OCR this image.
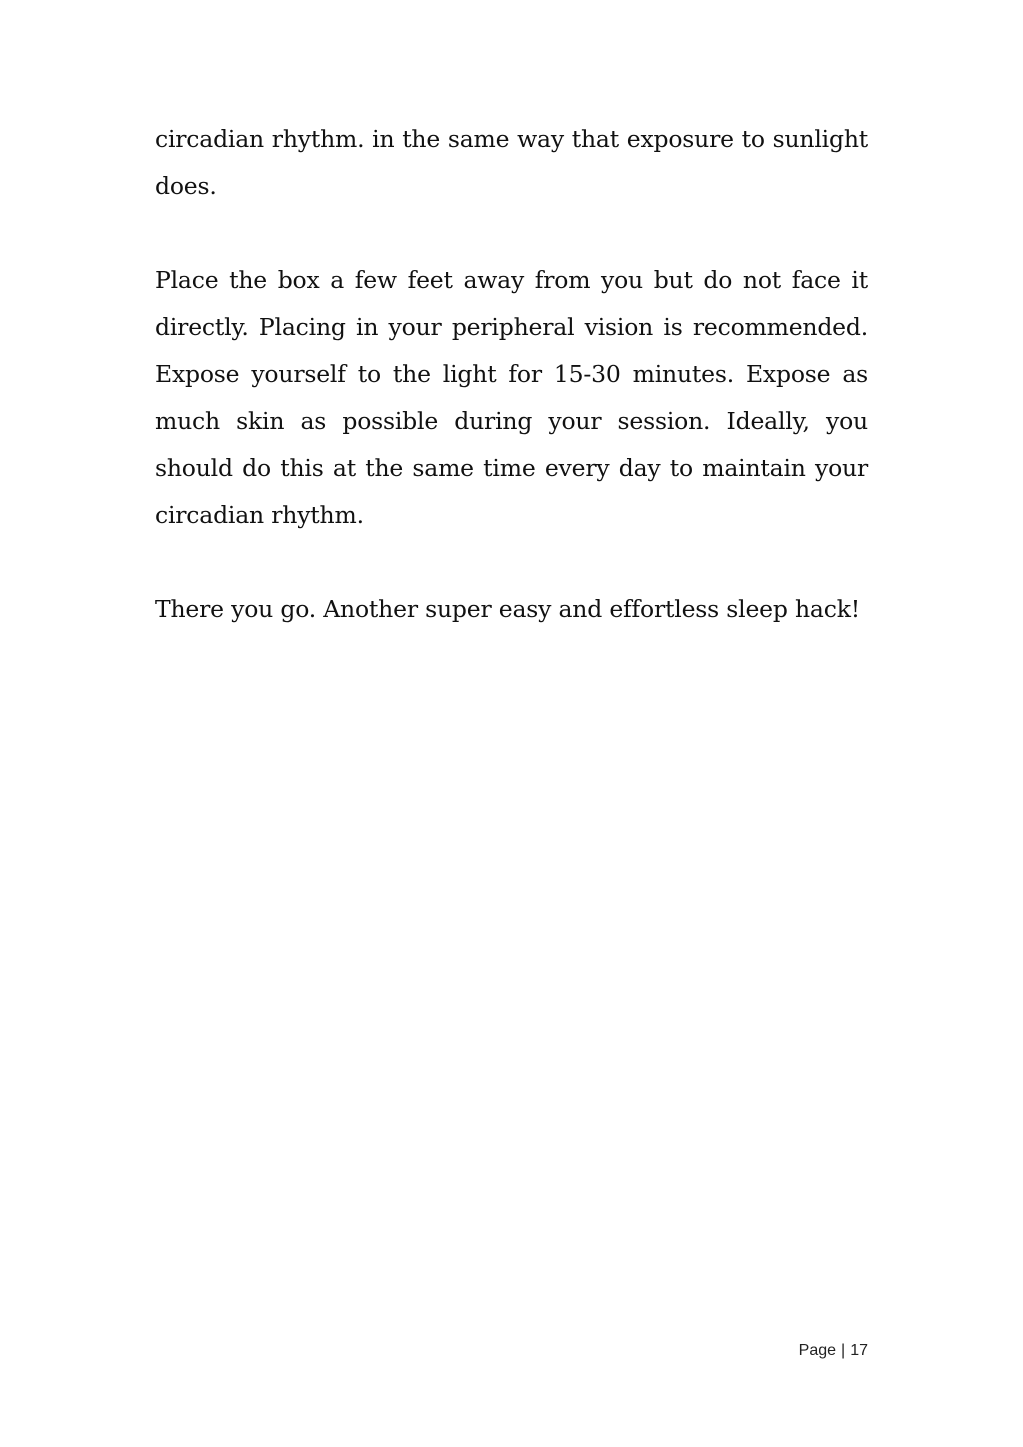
circadian rhythm. in the same way that exposure to sunlight does.

Place the box a few feet away from you but do not face it directly. Placing in your peripheral vision is recommended. Expose yourself to the light for 15-30 minutes. Expose as much skin as possible during your session. Ideally, you should do this at the same time every day to maintain your circadian rhythm.

There you go. Another super easy and effortless sleep hack!

Page | 17
